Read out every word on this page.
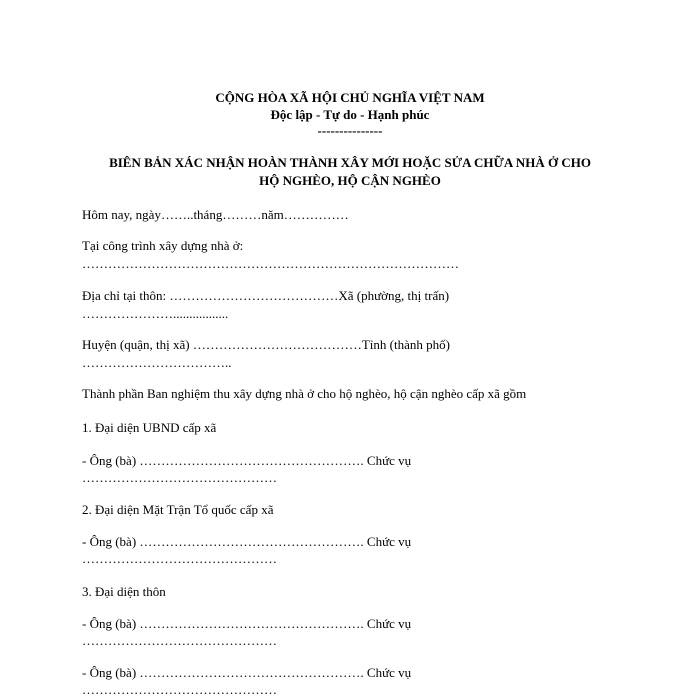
CỘNG HÒA XÃ HỘI CHỦ NGHĨA VIỆT NAM
Độc lập - Tự do - Hạnh phúc
---------------
BIÊN BẢN XÁC NHẬN HOÀN THÀNH XÂY MỚI HOẶC SỬA CHỮA NHÀ Ở CHO
HỘ NGHÈO, HỘ CẬN NGHÈO
Hôm nay, ngày……..tháng………năm……………
Tại công trình xây dựng nhà ở:
……………………………………………………………………………
Địa chỉ tại thôn: …………………………………Xã (phường, thị trấn)
………………….................
Huyện (quận, thị xã) …………………………………Tỉnh (thành phố)
……………………………..
Thành phần Ban nghiệm thu xây dựng nhà ở cho hộ nghèo, hộ cận nghèo cấp xã gồm
1. Đại diện UBND cấp xã
- Ông (bà) ……………………………………………. Chức vụ
………………………………………
2. Đại diện Mặt Trận Tổ quốc cấp xã
- Ông (bà) ……………………………………………. Chức vụ
………………………………………
3. Đại diện thôn
- Ông (bà) ……………………………………………. Chức vụ
………………………………………
- Ông (bà) ……………………………………………. Chức vụ
………………………………………
